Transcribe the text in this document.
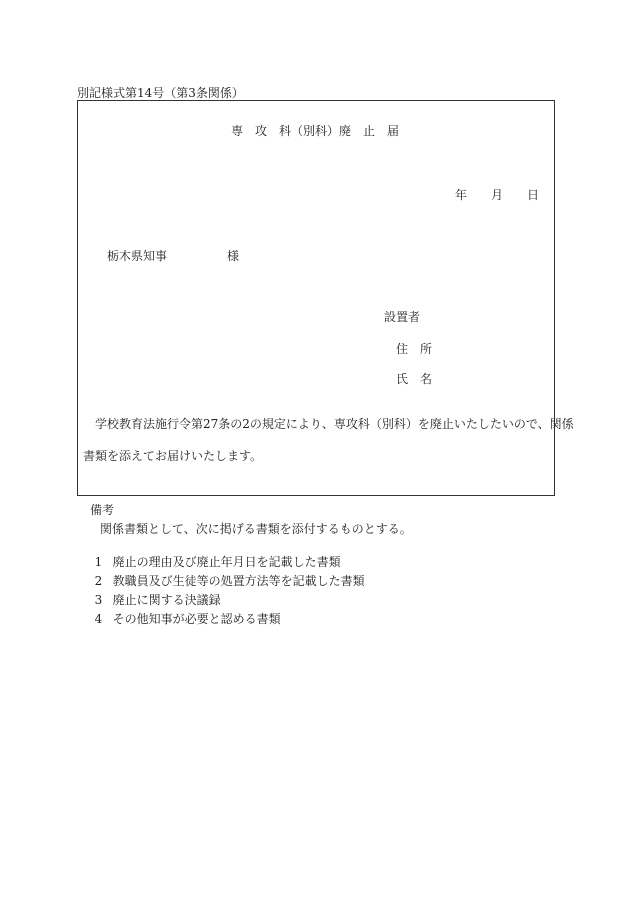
別記様式第14号（第3条関係）
専　攻　科（別科）廃　止　届
年　　月　　日
栃木県知事　　　　　様
設置者
住　所
氏　名
学校教育法施行令第27条の2の規定により、専攻科（別科）を廃止いたしたいので、関係
書類を添えてお届けいたします。
備考
関係書類として、次に掲げる書類を添付するものとする。

1 廃止の理由及び廃止年月日を記載した書類

2 教職員及び生徒等の処置方法等を記載した書類

3 廃止に関する決議録

4 その他知事が必要と認める書類
